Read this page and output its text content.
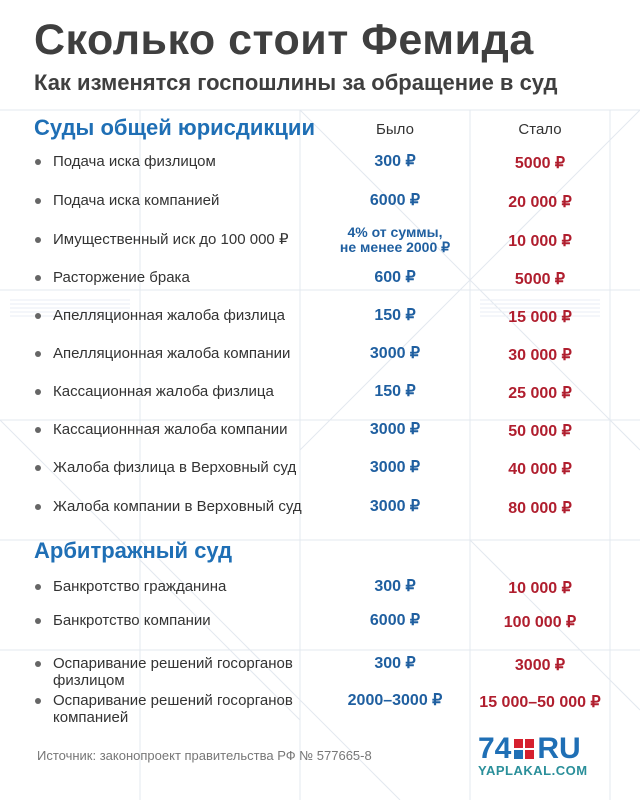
Сколько стоит Фемида
Как изменятся госпошлины за обращение в суд
Суды общей юрисдикции	Было	Стало
Подача иска физлицом	300 ₽	5000 ₽
Подача иска компанией	6000 ₽	20 000 ₽
Имущественный иск до 100 000 ₽	4% от суммы,
не менее 2000 ₽	10 000 ₽
Расторжение брака	600 ₽	5000 ₽
Апелляционная жалоба физлица	150 ₽	15 000 ₽
Апелляционная жалоба компании	3000 ₽	30 000 ₽
Кассационная жалоба физлица	150 ₽	25 000 ₽
Кассационнная жалоба компании	3000 ₽	50 000 ₽
Жалоба физлица в Верховный суд	3000 ₽	40 000 ₽
Жалоба компании в Верховный суд	3000 ₽	80 000 ₽
Банкротство гражданина	300 ₽	10 000 ₽
Банкротство компании	6000 ₽	100 000 ₽
Оспаривание решений госорганов
физлицом
300 ₽	3000 ₽
Оспаривание решений госорганов
компанией
2000–3000 ₽	15 000–50 000 ₽
Арбитражный суд
Источник: законопроект правительства РФ № 577665-8	74 RU
YAPLAKAL.COM
